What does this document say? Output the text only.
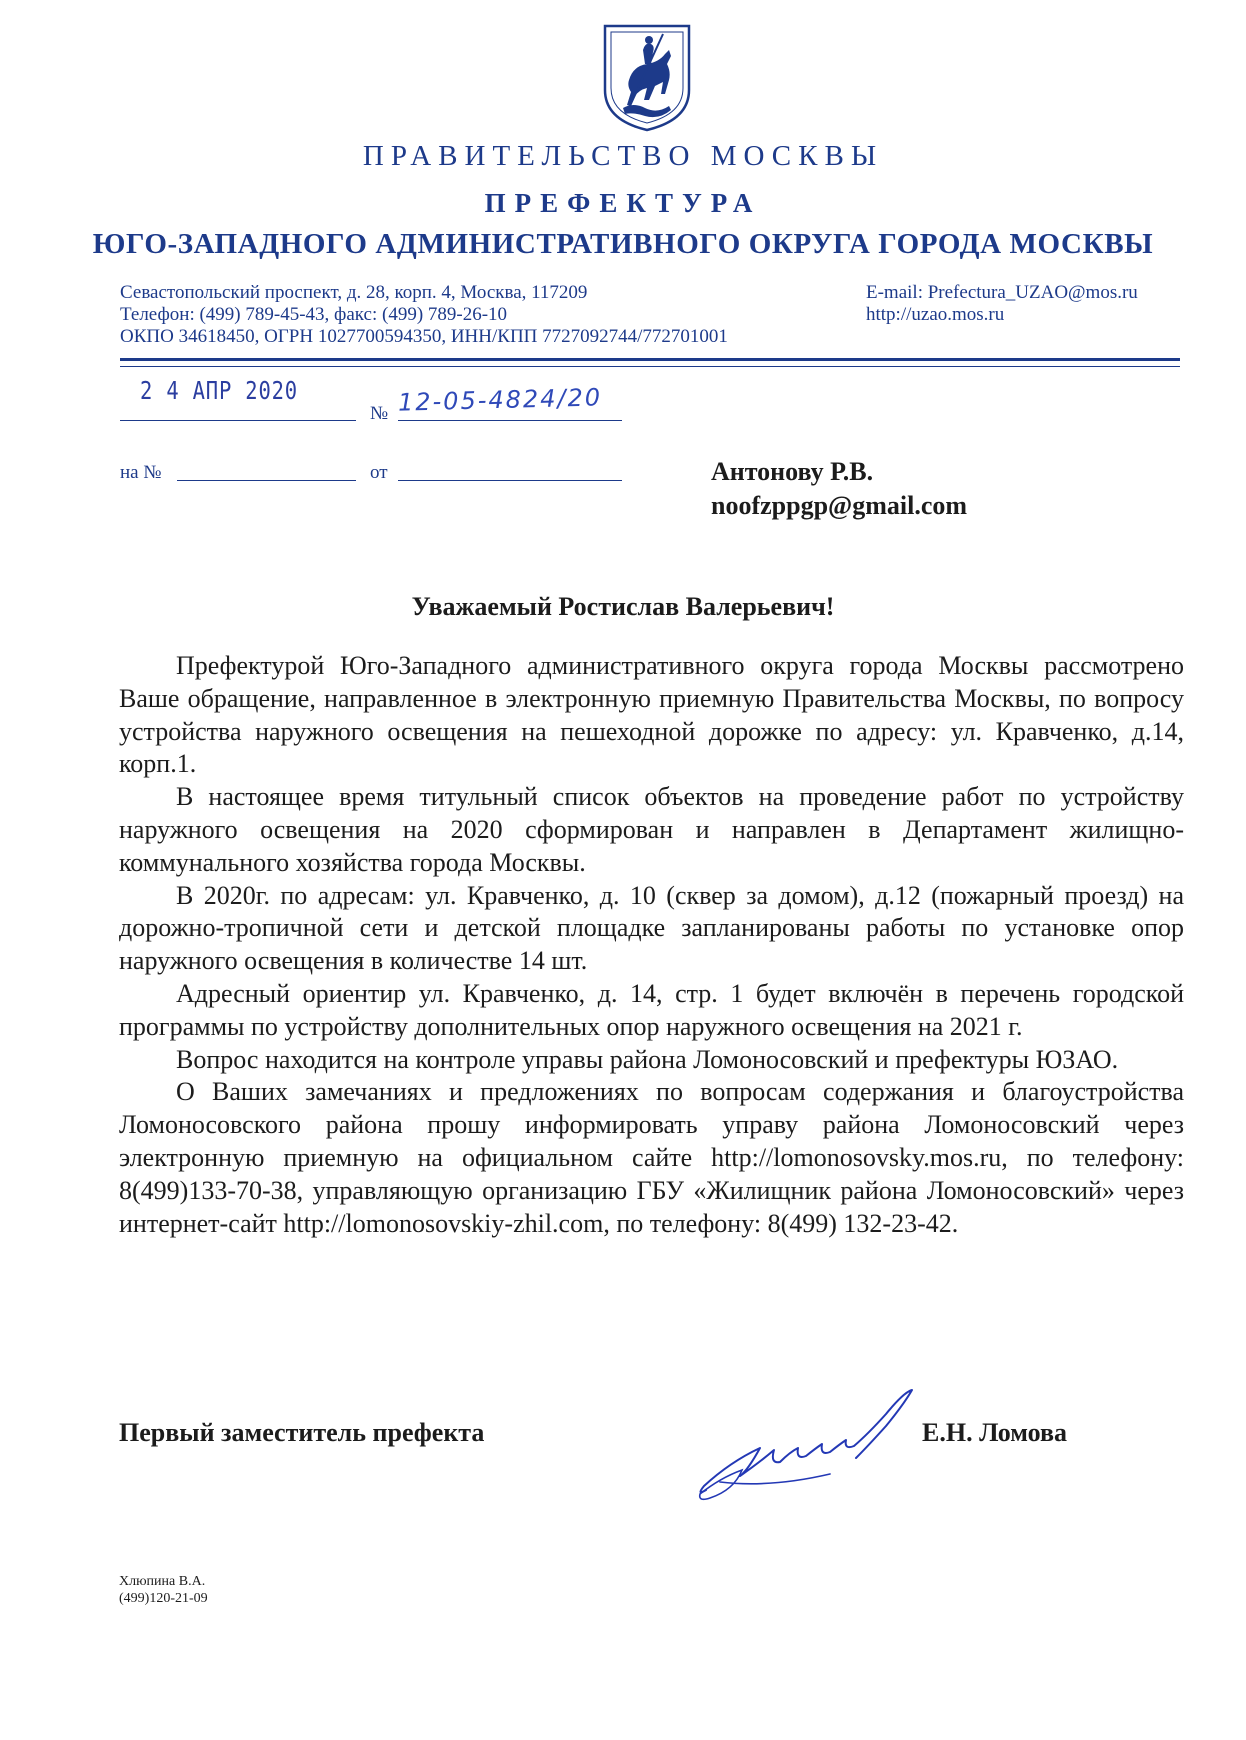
ПРАВИТЕЛЬСТВО МОСКВЫ
ПРЕФЕКТУРА
ЮГО-ЗАПАДНОГО АДМИНИСТРАТИВНОГО ОКРУГА ГОРОДА МОСКВЫ
Севастопольский проспект, д. 28, корп. 4, Москва, 117209
Телефон: (499) 789-45-43, факс: (499) 789-26-10
ОКПО 34618450, ОГРН 1027700594350, ИНН/КПП 7727092744/772701001
E-mail: Prefectura_UZAO@mos.ru
http://uzao.mos.ru
2 4 АПР 2020
№ 12-05-4824/20
на №	от	Антонову Р.В.
noofzppgp@gmail.com
Уважаемый Ростислав Валерьевич!

Префектурой Юго-Западного административного округа города Москвы рассмотрено Ваше обращение, направленное в электронную приемную Правительства Москвы, по вопросу устройства наружного освещения на пешеходной дорожке по адресу: ул. Кравченко, д.14, корп.1.

В настоящее время титульный список объектов на проведение работ по устройству наружного освещения на 2020 сформирован и направлен в Департамент жилищно-коммунального хозяйства города Москвы.

В 2020г. по адресам: ул. Кравченко, д. 10 (сквер за домом), д.12 (пожарный проезд) на дорожно-тропичной сети и детской площадке запланированы работы по установке опор наружного освещения в количестве 14 шт.

Адресный ориентир ул. Кравченко, д. 14, стр. 1 будет включён в перечень городской программы по устройству дополнительных опор наружного освещения на 2021 г.

Вопрос находится на контроле управы района Ломоносовский и префектуры ЮЗАО.

О Ваших замечаниях и предложениях по вопросам содержания и благоустройства Ломоносовского района прошу информировать управу района Ломоносовский через электронную приемную на официальном сайте http://lomonosovsky.mos.ru, по телефону: 8(499)133-70-38, управляющую организацию ГБУ «Жилищник района Ломоносовский» через интернет-сайт http://lomonosovskiy-zhil.com, по телефону: 8(499) 132-23-42.

Первый заместитель префекта	Е.Н. Ломова
Хлюпина В.А.
(499)120-21-09
